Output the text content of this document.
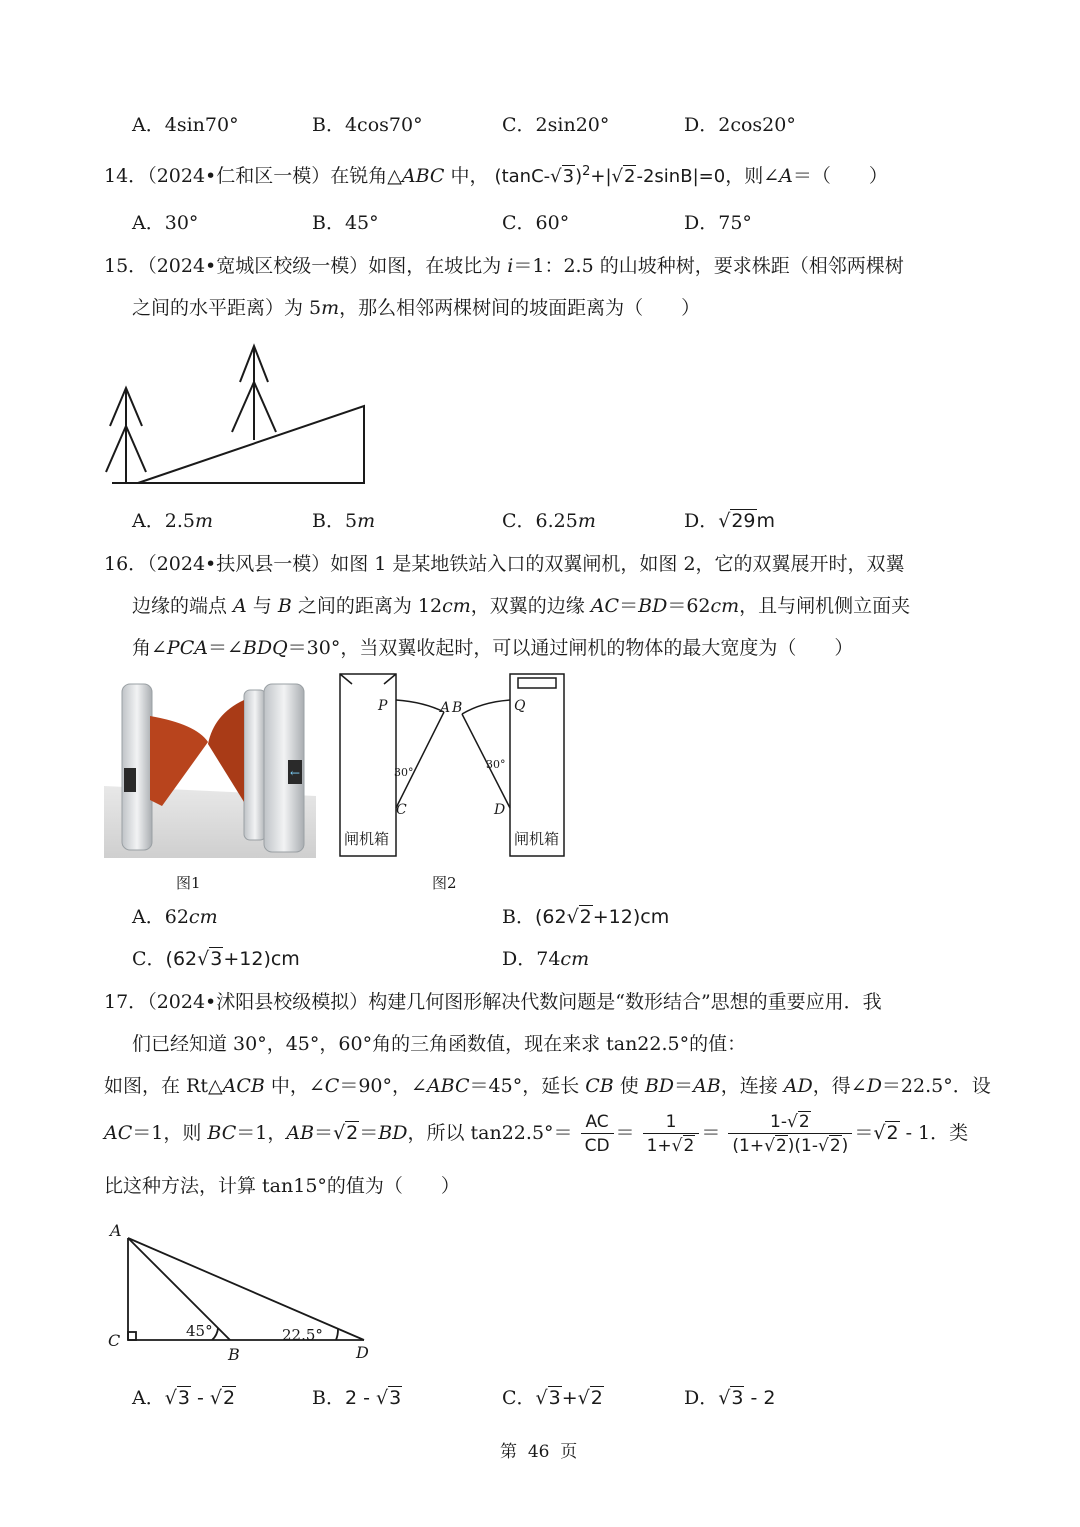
A．4sin70°	B．4cos70°	C．2sin20°	D．2cos20°
14．（2024•仁和区一模）在锐角△ABC 中， $(\tan C-√3)^2+|√2-2\sin B|=0$，则∠A＝（　　）
A．30°	B．45°	C．60°	D．75°
15．（2024•宽城区校级一模）如图，在坡比为 i＝1：2.5 的山坡种树，要求株距（相邻两棵树
之间的水平距离）为 5m，那么相邻两棵树间的坡面距离为（　　）
A．2.5m	B．5m	C．6.25m	D．√29m
16．（2024•扶风县一模）如图 1 是某地铁站入口的双翼闸机，如图 2，它的双翼展开时，双翼
边缘的端点 A 与 B 之间的距离为 12cm，双翼的边缘 AC＝BD＝62cm，且与闸机侧立面夹
角∠PCA＝∠BDQ＝30°，当双翼收起时，可以通过闸机的物体的最大宽度为（　　）
←
图1
P	A B	Q
C	D
30°
30°
闸机箱	闸机箱
图2
A．62cm	B．(62√2+12)cm
C．(62√3+12)cm	D．74cm
17．（2024•沭阳县校级模拟）构建几何图形解决代数问题是“数形结合”思想的重要应用．我
们已经知道 30°，45°，60°角的三角函数值，现在来求 tan22.5°的值：
如图，在 Rt△ACB 中，∠C＝90°，∠ABC＝45°，延长 CB 使 BD＝AB，连接 AD，得∠D＝22.5°．设
AC＝1，则 BC＝1，AB＝√2＝BD，所以 $\tan 22.5^\circ= \frac{AC}{CD} = \frac{1}{1+√2} = \frac{1-√2}{(1+√2)(1-√2)} =√2 - 1$．类
比这种方法，计算 tan15°的值为（　　）
A
C
B	D
45°	22.5°
A．√3 - √2	B．2 - √3	C．√3+√2	D．√3 - 2
第 46 页
